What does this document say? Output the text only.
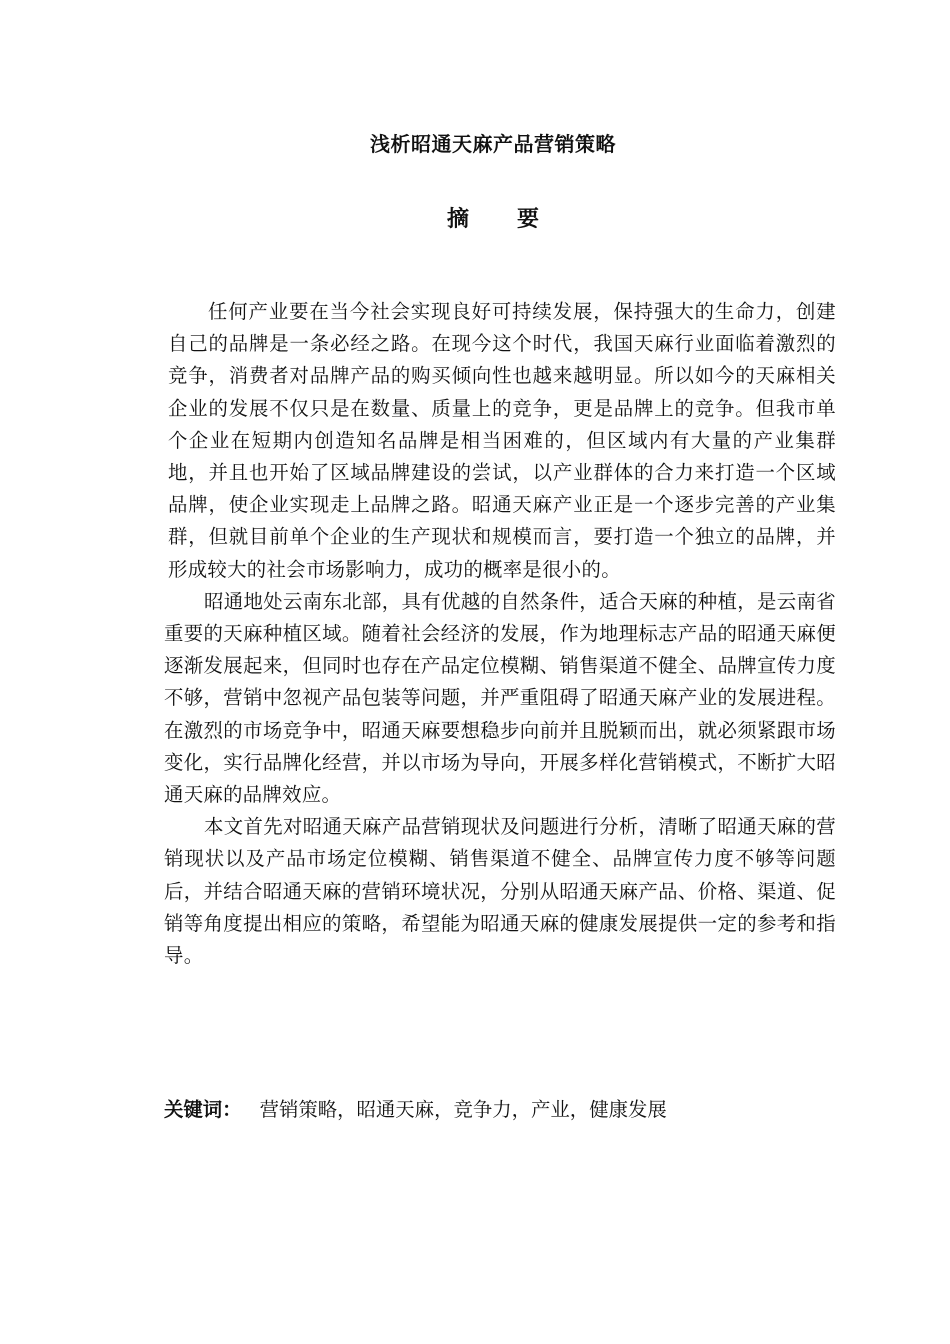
浅析昭通天麻产品营销策略
摘要

任何产业要在当今社会实现良好可持续发展，保持强大的生命力，创建自己的品牌是一条必经之路。在现今这个时代，我国天麻行业面临着激烈的竞争，消费者对品牌产品的购买倾向性也越来越明显。所以如今的天麻相关企业的发展不仅只是在数量、质量上的竞争，更是品牌上的竞争。但我市单个企业在短期内创造知名品牌是相当困难的，但区域内有大量的产业集群地，并且也开始了区域品牌建设的尝试，以产业群体的合力来打造一个区域品牌，使企业实现走上品牌之路。昭通天麻产业正是一个逐步完善的产业集群，但就目前单个企业的生产现状和规模而言，要打造一个独立的品牌，并形成较大的社会市场影响力，成功的概率是很小的。

昭通地处云南东北部，具有优越的自然条件，适合天麻的种植，是云南省重要的天麻种植区域。随着社会经济的发展，作为地理标志产品的昭通天麻便逐渐发展起来，但同时也存在产品定位模糊、销售渠道不健全、品牌宣传力度不够，营销中忽视产品包装等问题，并严重阻碍了昭通天麻产业的发展进程。在激烈的市场竞争中，昭通天麻要想稳步向前并且脱颖而出，就必须紧跟市场变化，实行品牌化经营，并以市场为导向，开展多样化营销模式，不断扩大昭通天麻的品牌效应。

本文首先对昭通天麻产品营销现状及问题进行分析，清晰了昭通天麻的营销现状以及产品市场定位模糊、销售渠道不健全、品牌宣传力度不够等问题后，并结合昭通天麻的营销环境状况，分别从昭通天麻产品、价格、渠道、促销等角度提出相应的策略，希望能为昭通天麻的健康发展提供一定的参考和指导。

关键词： 营销策略，昭通天麻，竞争力，产业，健康发展
